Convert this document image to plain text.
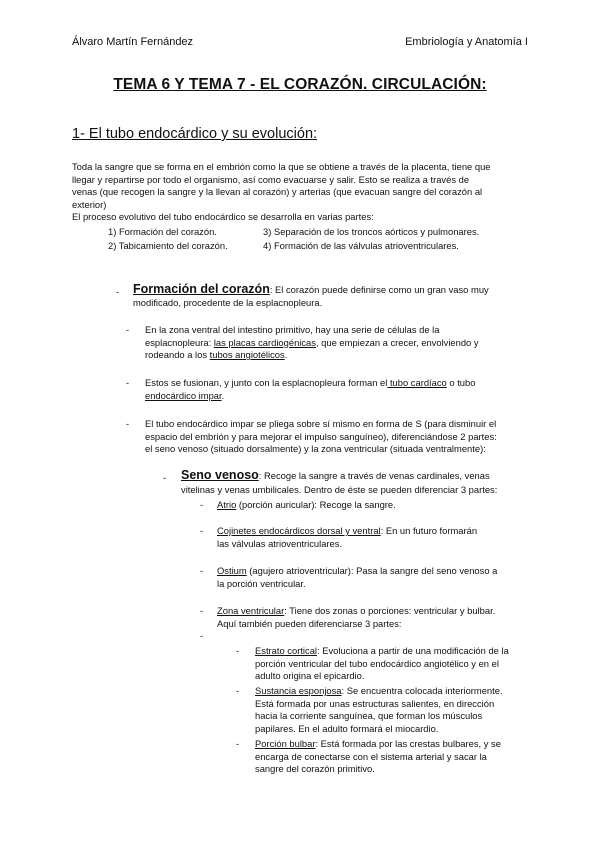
Álvaro Martín Fernández	Embriología y Anatomía I
TEMA 6 Y TEMA 7 - EL CORAZÓN. CIRCULACIÓN:
1- El tubo endocárdico y su evolución:
Toda la sangre que se forma en el embrión como la que se obtiene a través de la placenta, tiene que
llegar y repartirse por todo el organismo, así como evacuarse y salir. Esto se realiza a través de
venas (que recogen la sangre y la llevan al corazón) y arterias (que evacuan sangre del corazón al
exterior)
El proceso evolutivo del tubo endocárdico se desarrolla en varias partes:
1) Formación del corazón.	3) Separación de los troncos aórticos y pulmonares.
2) Tabicamiento del corazón.	4) Formación de las válvulas atrioventriculares.
- Formación del corazón: El corazón puede definirse como un gran vaso muy
modificado, procedente de la esplacnopleura.
- En la zona ventral del intestino primitivo, hay una serie de células de la
esplacnopleura: las placas cardiogénicas, que empiezan a crecer, envolviendo y
rodeando a los tubos angiotélicos.
- Estos se fusionan, y junto con la esplacnopleura forman el tubo cardíaco o tubo
endocárdico impar.
- El tubo endocárdico impar se pliega sobre sí mismo en forma de S (para disminuir el
espacio del embrión y para mejorar el impulso sanguíneo), diferenciándose 2 partes:
el seno venoso (situado dorsalmente) y la zona ventricular (situada ventralmente):
- Seno venoso: Recoge la sangre a través de venas cardinales, venas
vitelinas y venas umbilicales. Dentro de éste se pueden diferenciar 3 partes:
- Atrio (porción auricular): Recoge la sangre.
- Cojinetes endocárdicos dorsal y ventral: En un futuro formarán
las válvulas atrioventriculares.
- Ostium (agujero atrioventricular): Pasa la sangre del seno venoso a
la porción ventricular.
- Zona ventricular: Tiene dos zonas o porciones: ventricular y bulbar.
Aquí también pueden diferenciarse 3 partes:
-
- Estrato cortical: Evoluciona a partir de una modificación de la
porción ventricular del tubo endocárdico angiotélico y en el
adulto origina el epicardio.
- Sustancia esponjosa: Se encuentra colocada interiormente.
Está formada por unas estructuras salientes, en dirección
hacia la corriente sanguínea, que forman los músculos
papilares. En el adulto formará el miocardio.
- Porción bulbar: Está formada por las crestas bulbares, y se
encarga de conectarse con el sistema arterial y sacar la
sangre del corazón primitivo.
